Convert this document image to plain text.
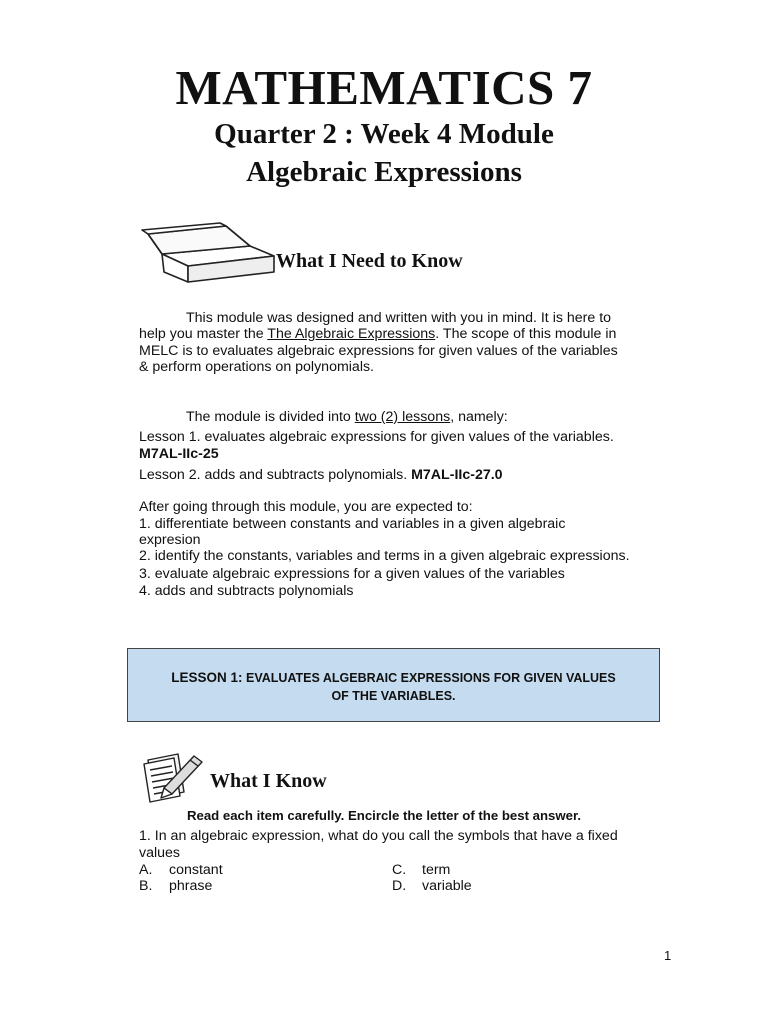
MATHEMATICS 7
Quarter 2 : Week 4 Module
Algebraic Expressions
What I Need to Know
This module was designed and written with you in mind. It is here to
help you master the The Algebraic Expressions. The scope of this module in
MELC is to evaluates algebraic expressions for given values of the variables
& perform operations on polynomials.
The module is divided into two (2) lessons, namely:
Lesson 1. evaluates algebraic expressions for given values of the variables.
M7AL-IIc-25
Lesson 2. adds and subtracts polynomials. M7AL-IIc-27.0
After going through this module, you are expected to:
1. differentiate between constants and variables in a given algebraic
expresion
2. identify the constants, variables and terms in a given algebraic expressions.
3. evaluate algebraic expressions for a given values of the variables
4. adds and subtracts polynomials
LESSON 1: EVALUATES ALGEBRAIC EXPRESSIONS FOR GIVEN VALUES
OF THE VARIABLES.
What I Know
Read each item carefully. Encircle the letter of the best answer.
1. In an algebraic expression, what do you call the symbols that have a fixed
values
A. constant
B. phrase
C. term
D. variable
1
